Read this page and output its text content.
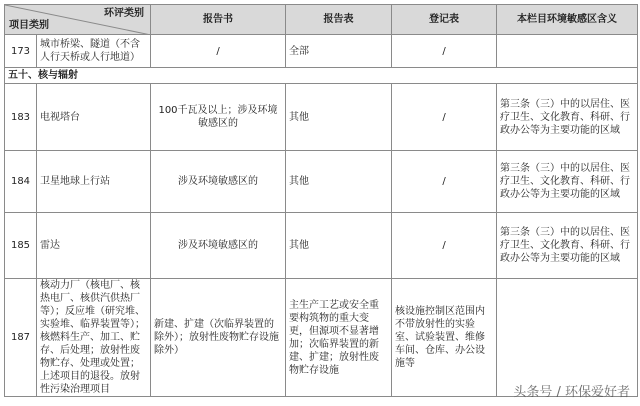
环评类别
项目类别		报告书	报告表	登记表	本栏目环境敏感区含义
173	城市桥梁、隧道（不含人行天桥或人行地道）	/	全部	/	
五十、核与辐射					
183	电视塔台	100千瓦及以上；涉及环境敏感区的	其他	/	第三条（三）中的以居住、医疗卫生、文化教育、科研、行政办公等为主要功能的区域
184	卫星地球上行站	涉及环境敏感区的	其他	/	第三条（三）中的以居住、医疗卫生、文化教育、科研、行政办公等为主要功能的区域
185	雷达	涉及环境敏感区的	其他	/	第三条（三）中的以居住、医疗卫生、文化教育、科研、行政办公等为主要功能的区域
187	核动力厂（核电厂、核热电厂、核供汽供热厂等）；反应堆（研究堆、实验堆、临界装置等）；核燃料生产、加工、贮存、后处理；放射性废物贮存、处理或处置；上述项目的退役。放射性污染治理项目	新建、扩建（次临界装置的除外）；放射性废物贮存设施除外）	主生产工艺或安全重要构筑物的重大变更，但源项不显著增加；次临界装置的新建、扩建；放射性废物贮存设施	核设施控制区范围内不带放射性的实验室、试验装置、维修车间、仓库、办公设施等	
头条号 / 环保爱好者
